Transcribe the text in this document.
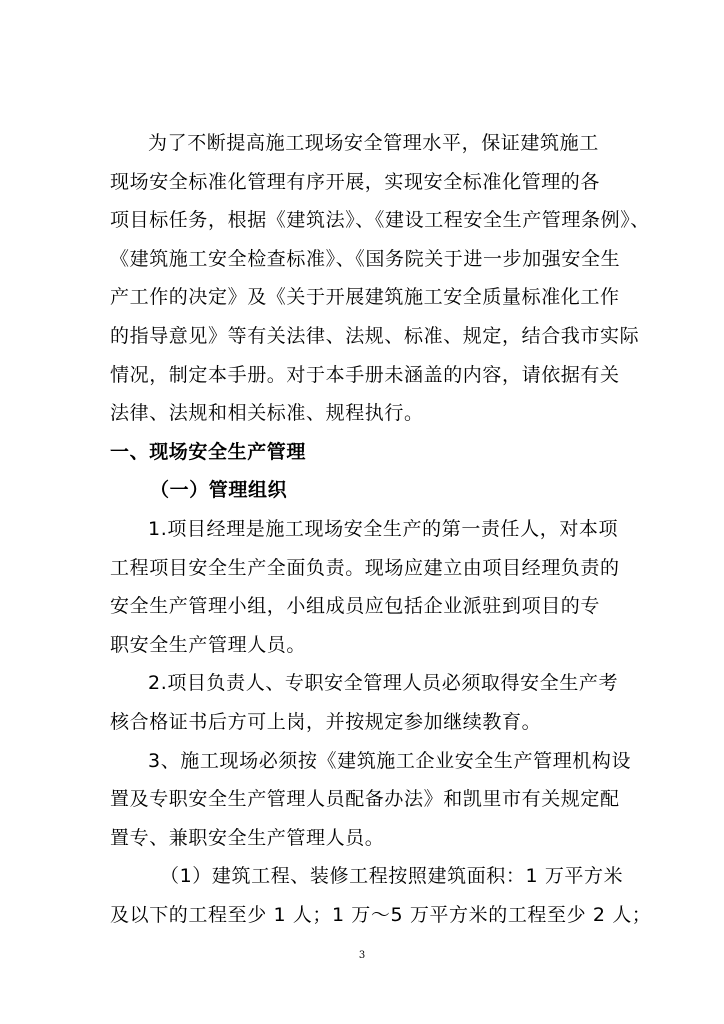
为了不断提高施工现场安全管理水平，保证建筑施工
现场安全标准化管理有序开展，实现安全标准化管理的各
项目标任务，根据《建筑法》、《建设工程安全生产管理条例》、
《建筑施工安全检查标准》、《国务院关于进一步加强安全生
产工作的决定》及《关于开展建筑施工安全质量标准化工作
的指导意见》等有关法律、法规、标准、规定，结合我市实际
情况，制定本手册。对于本手册未涵盖的内容，请依据有关
法律、法规和相关标准、规程执行。
一、现场安全生产管理
（一）管理组织
1.项目经理是施工现场安全生产的第一责任人，对本项
工程项目安全生产全面负责。现场应建立由项目经理负责的
安全生产管理小组，小组成员应包括企业派驻到项目的专
职安全生产管理人员。
2.项目负责人、专职安全管理人员必须取得安全生产考
核合格证书后方可上岗，并按规定参加继续教育。
3、施工现场必须按《建筑施工企业安全生产管理机构设
置及专职安全生产管理人员配备办法》和凯里市有关规定配
置专、兼职安全生产管理人员。
（1）建筑工程、装修工程按照建筑面积：1 万平方米
及以下的工程至少 1 人；1 万～5 万平方米的工程至少 2 人；
3
